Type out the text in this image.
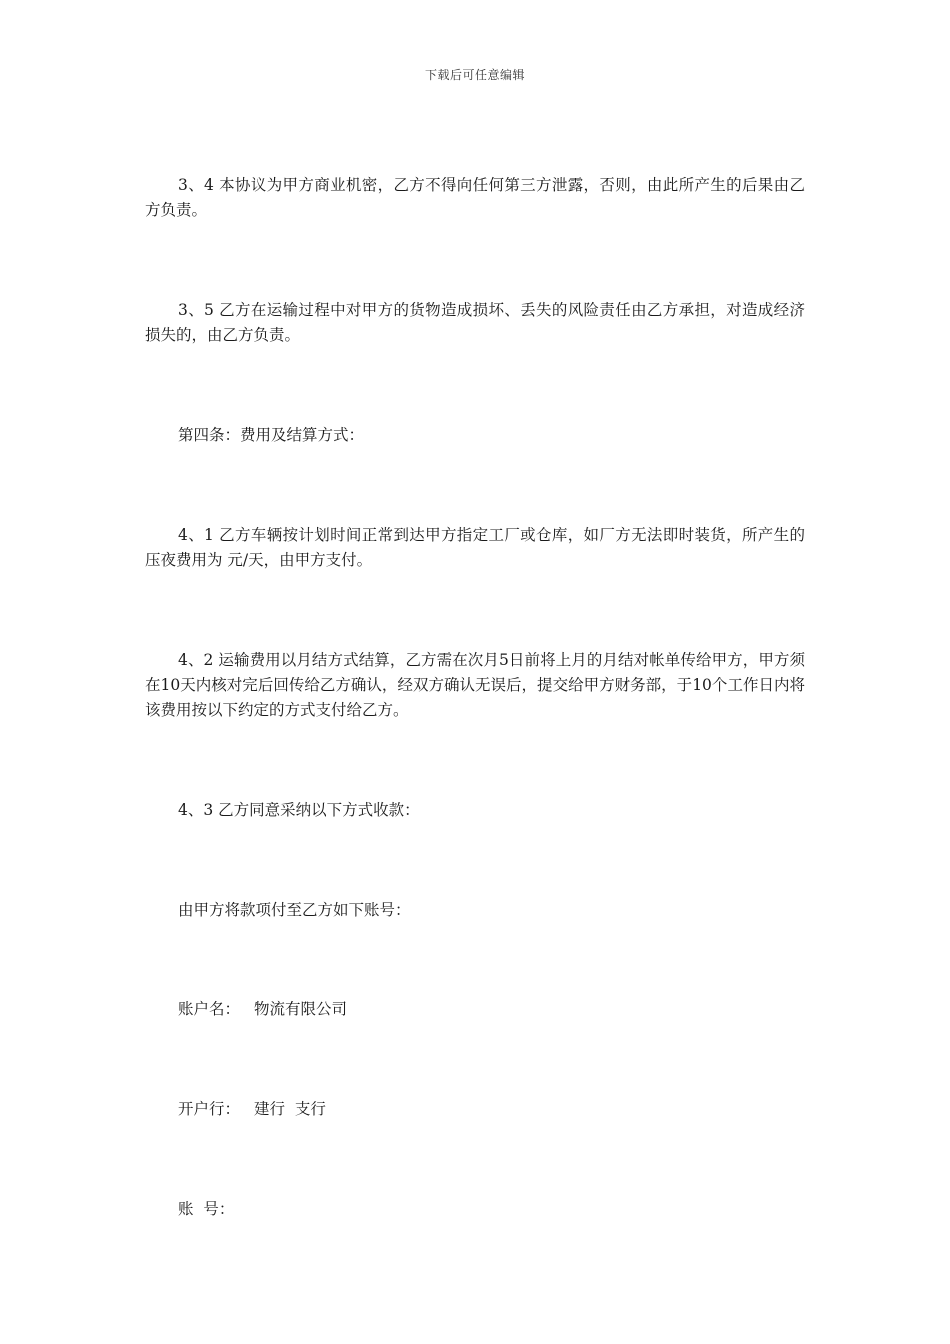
下载后可任意编辑

3、4 本协议为甲方商业机密，乙方不得向任何第三方泄露，否则，由此所产生的后果由乙方负责。

3、5 乙方在运输过程中对甲方的货物造成损坏、丢失的风险责任由乙方承担，对造成经济损失的，由乙方负责。

第四条：费用及结算方式：

4、1 乙方车辆按计划时间正常到达甲方指定工厂或仓库，如厂方无法即时装货，所产生的压夜费用为 元/天，由甲方支付。

4、2 运输费用以月结方式结算，乙方需在次月5日前将上月的月结对帐单传给甲方，甲方须在10天内核对完后回传给乙方确认，经双方确认无误后，提交给甲方财务部，于10个工作日内将该费用按以下约定的方式支付给乙方。

4、3 乙方同意采纳以下方式收款：

由甲方将款项付至乙方如下账号：

账户名： 物流有限公司
开户行： 建行  支行
账  号：
